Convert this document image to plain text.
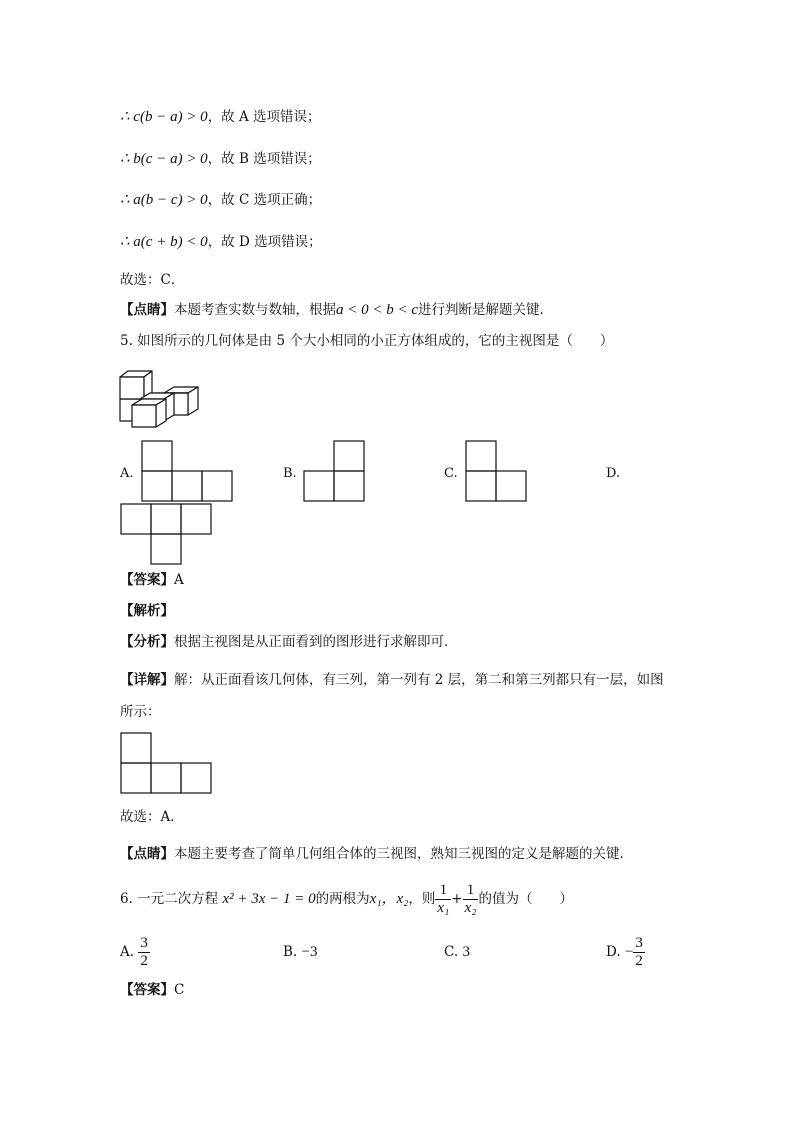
∴ c(b − a) > 0，故 A 选项错误；
∴ b(c − a) > 0，故 B 选项错误；
∴ a(b − c) > 0，故 C 选项正确；
∴ a(c + b) < 0，故 D 选项错误；
故选：C．
【点睛】本题考查实数与数轴，根据a < 0 < b < c进行判断是解题关键．
5. 如图所示的几何体是由 5 个大小相同的小正方体组成的，它的主视图是（　　）
A.	B.	C.	D.
【答案】A
【解析】
【分析】根据主视图是从正面看到的图形进行求解即可．
【详解】解：从正面看该几何体，有三列，第一列有 2 层，第二和第三列都只有一层，如图
所示：
故选：A．
【点睛】本题主要考查了简单几何组合体的三视图，熟知三视图的定义是解题的关键．
6. 一元二次方程 x² + 3x − 1 = 0的两根为x₁，x₂，则 $\frac{1}{\text{x₁}} + \frac{1}{\text{x₂}}$ 的值为（　　）
A. $\frac{3}{2}$	B. −3	C. 3	D. − $\frac{3}{2}$
【答案】C
